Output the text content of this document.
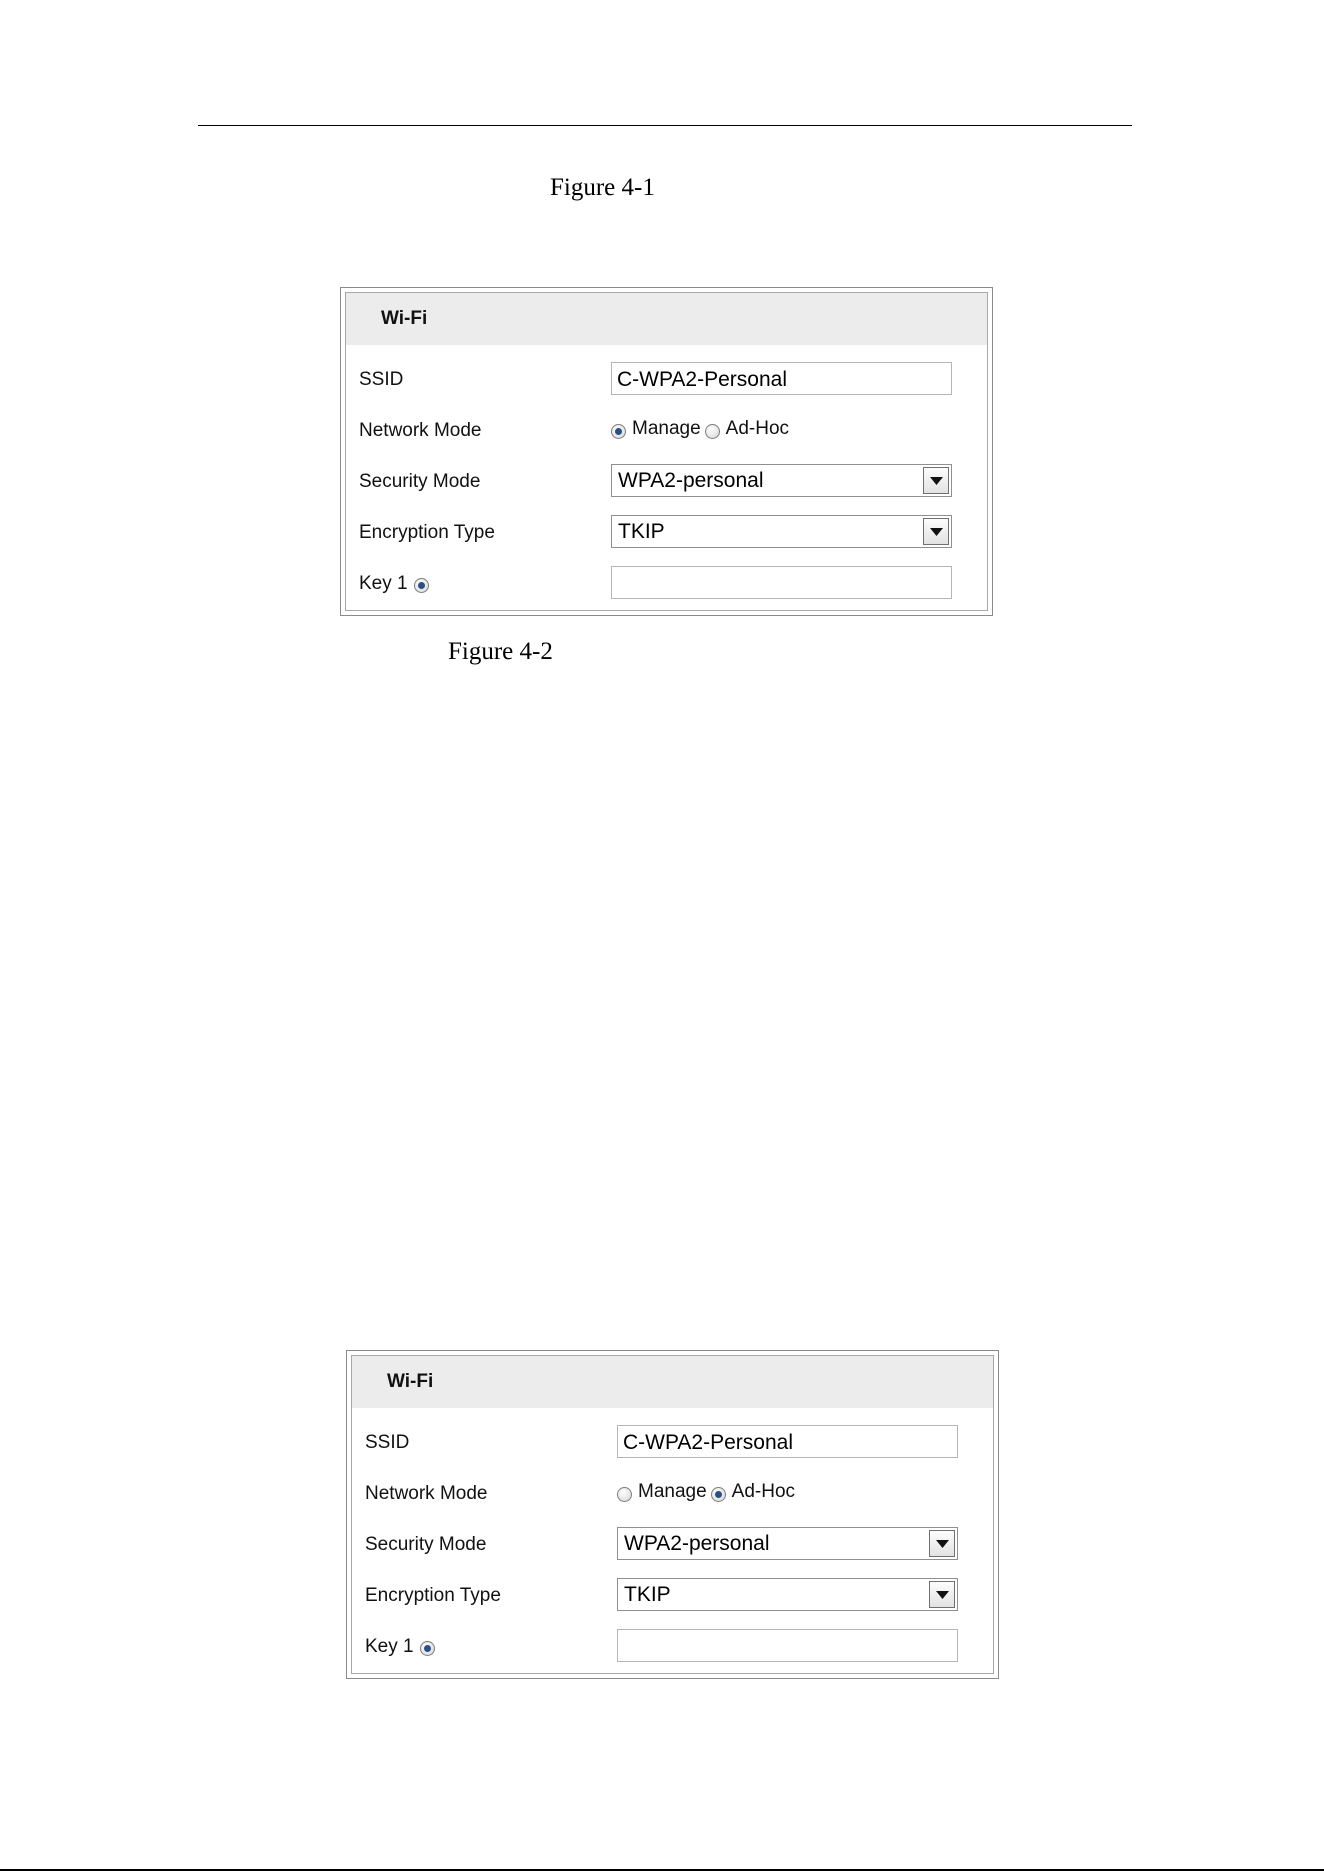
Figure 4-1
Wi-Fi
SSID	C-WPA2-Personal
Network Mode	Manage Ad-Hoc
Security Mode	WPA2-personal
Encryption Type	TKIP
Key 1
Figure 4-2
Wi-Fi
SSID	C-WPA2-Personal
Network Mode	Manage Ad-Hoc
Security Mode	WPA2-personal
Encryption Type	TKIP
Key 1
